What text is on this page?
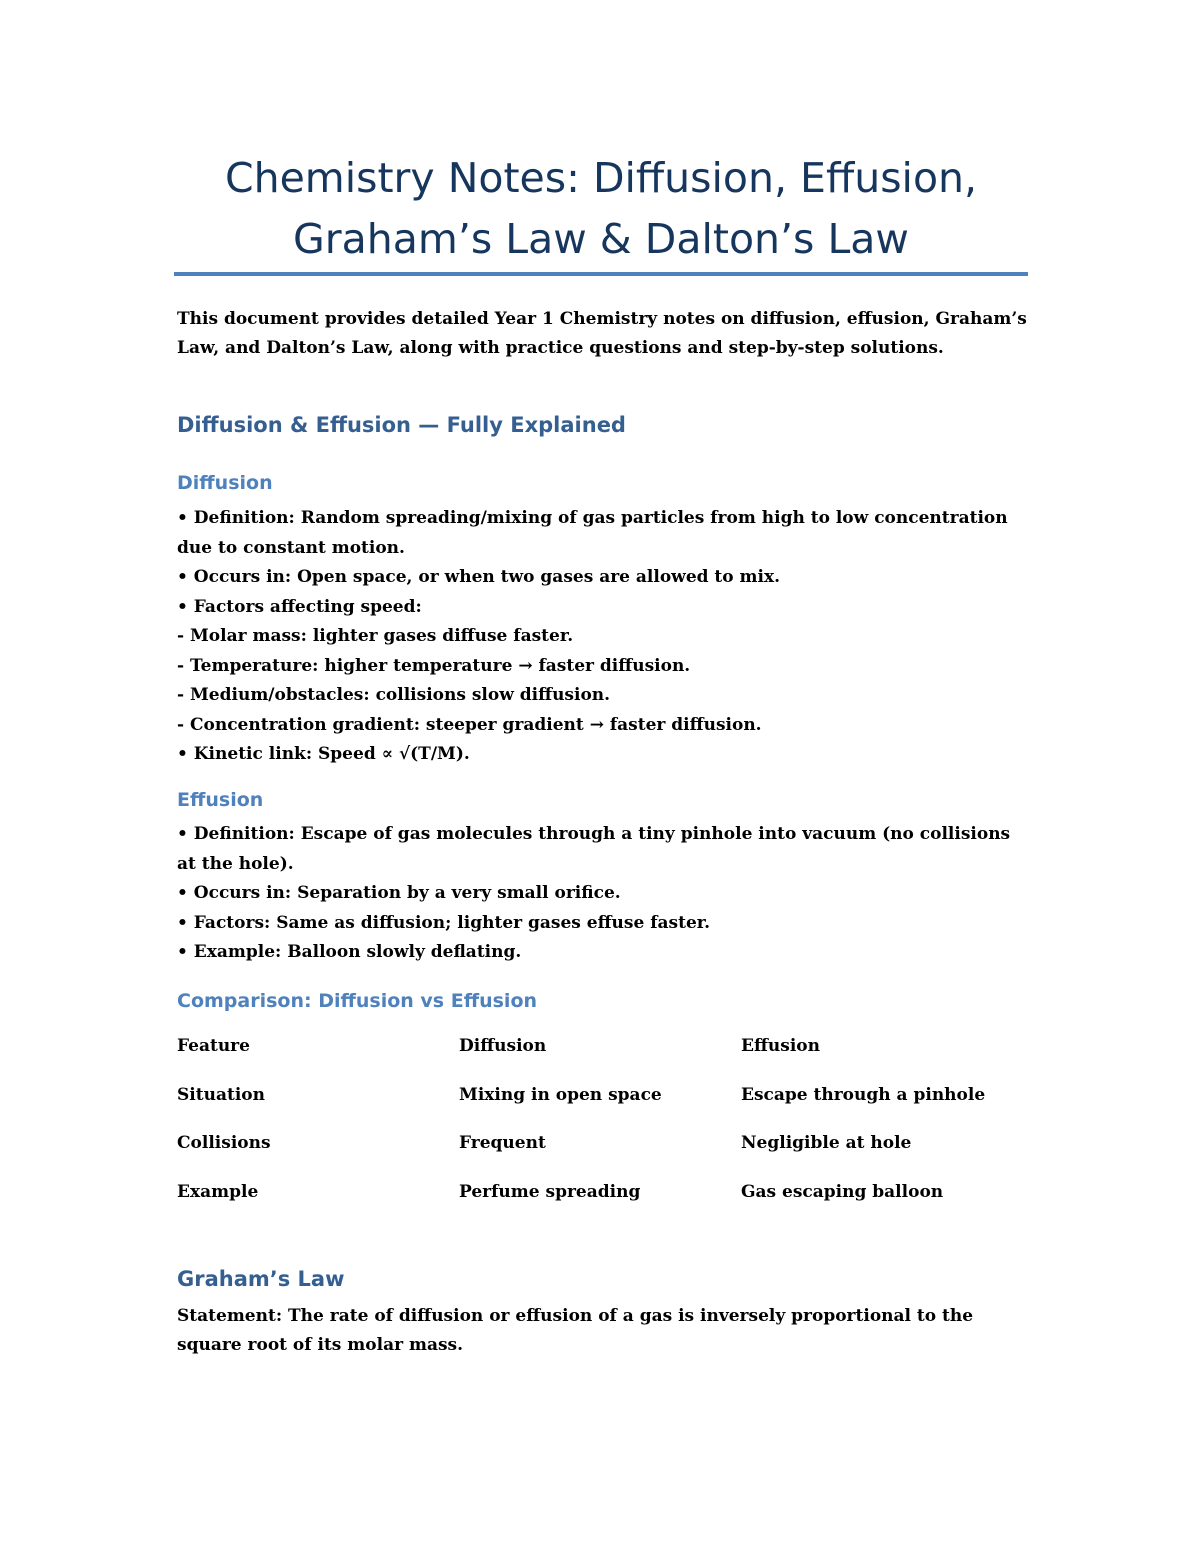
Chemistry Notes: Diffusion, Effusion,
Graham’s Law & Dalton’s Law

This document provides detailed Year 1 Chemistry notes on diffusion, effusion, Graham’s Law, and Dalton’s Law, along with practice questions and step-by-step solutions.

Diffusion & Effusion — Fully Explained
Diffusion
• Definition: Random spreading/mixing of gas particles from high to low concentration due to constant motion.
• Occurs in: Open space, or when two gases are allowed to mix.
• Factors affecting speed:
- Molar mass: lighter gases diffuse faster.
- Temperature: higher temperature → faster diffusion.
- Medium/obstacles: collisions slow diffusion.
- Concentration gradient: steeper gradient → faster diffusion.
• Kinetic link: Speed ∝ √(T/M).
Effusion
• Definition: Escape of gas molecules through a tiny pinhole into vacuum (no collisions at the hole).
• Occurs in: Separation by a very small orifice.
• Factors: Same as diffusion; lighter gases effuse faster.
• Example: Balloon slowly deflating.
Comparison: Diffusion vs Effusion
Feature	Diffusion	Effusion
Situation	Mixing in open space	Escape through a pinhole
Collisions	Frequent	Negligible at hole
Example	Perfume spreading	Gas escaping balloon
Graham’s Law

Statement: The rate of diffusion or effusion of a gas is inversely proportional to the square root of its molar mass.
